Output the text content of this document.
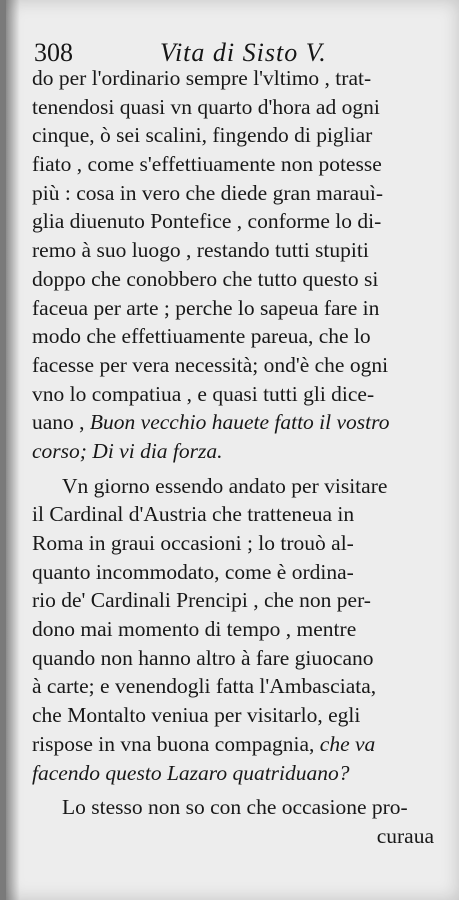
308	Vita di Sisto V.
do per l'ordinario sempre l'vltimo , trat-
tenendosi quasi vn quarto d'hora ad ogni
cinque, ò sei scalini, fingendo di pigliar
fiato , come s'effettiuamente non potesse
più : cosa in vero che diede gran marauì-
glia diuenuto Pontefice , conforme lo di-
remo à suo luogo , restando tutti stupiti
doppo che conobbero che tutto questo si
faceua per arte ; perche lo sapeua fare in
modo che effettiuamente pareua, che lo
facesse per vera necessità; ond'è che ogni
vno lo compatiua , e quasi tutti gli dice-
uano , Buon vecchio hauete fatto il vostro
corso; Di vi dia forza.
Vn giorno essendo andato per visitare
il Cardinal d'Austria che tratteneua in
Roma in graui occasioni ; lo trouò al-
quanto incommodato, come è ordina-
rio de' Cardinali Prencipi , che non per-
dono mai momento di tempo , mentre
quando non hanno altro à fare giuocano
à carte; e venendogli fatta l'Ambasciata,
che Montalto veniua per visitarlo, egli
rispose in vna buona compagnia, che va
facendo questo Lazaro quatriduano?
Lo stesso non so con che occasione pro-
curaua
